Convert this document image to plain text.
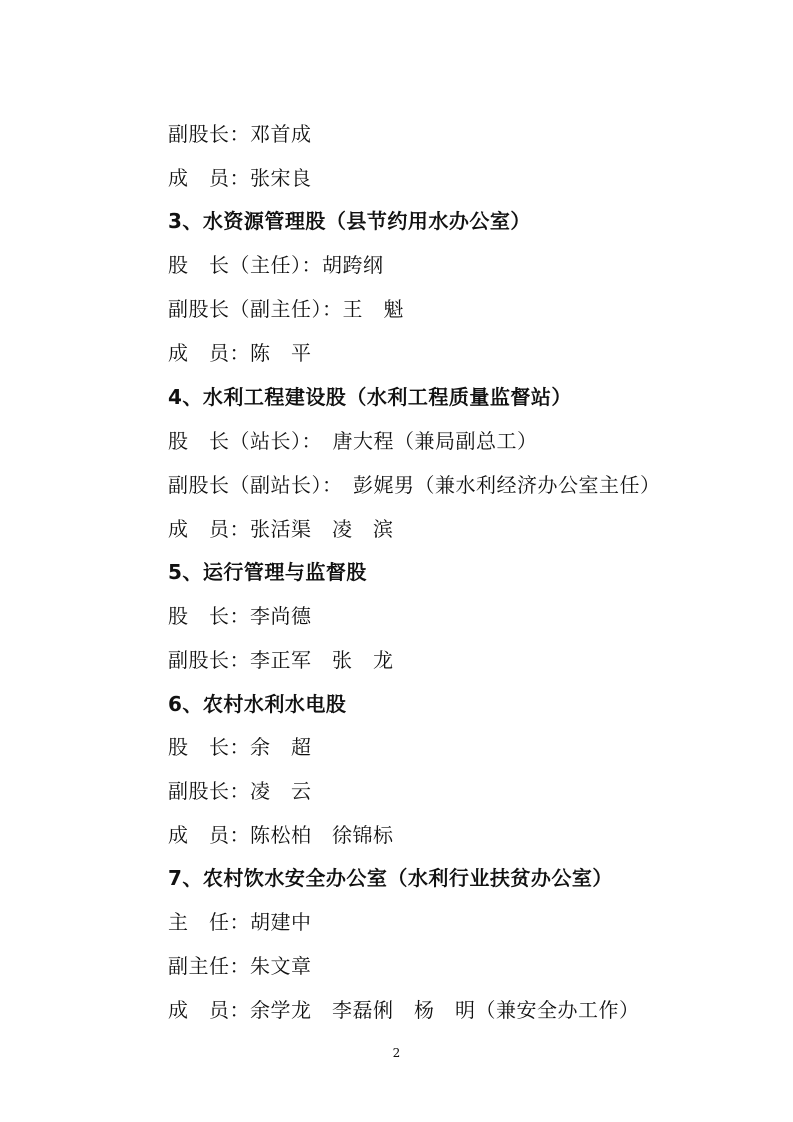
副股长：邓首成
成　员：张宋良
3、水资源管理股（县节约用水办公室）
股　长（主任）：胡跨纲
副股长（副主任）：王　魁
成　员：陈　平
4、水利工程建设股（水利工程质量监督站）
股　长（站长）：　唐大程（兼局副总工）
副股长（副站长）：　彭娓男（兼水利经济办公室主任）
成　员：张活渠　凌　滨
5、运行管理与监督股
股　长：李尚德
副股长：李正军　张　龙
6、农村水利水电股
股　长：余　超
副股长：凌　云
成　员：陈松柏　徐锦标
7、农村饮水安全办公室（水利行业扶贫办公室）
主　任：胡建中
副主任：朱文章
成　员：余学龙　李磊俐　杨　明（兼安全办工作）
2
